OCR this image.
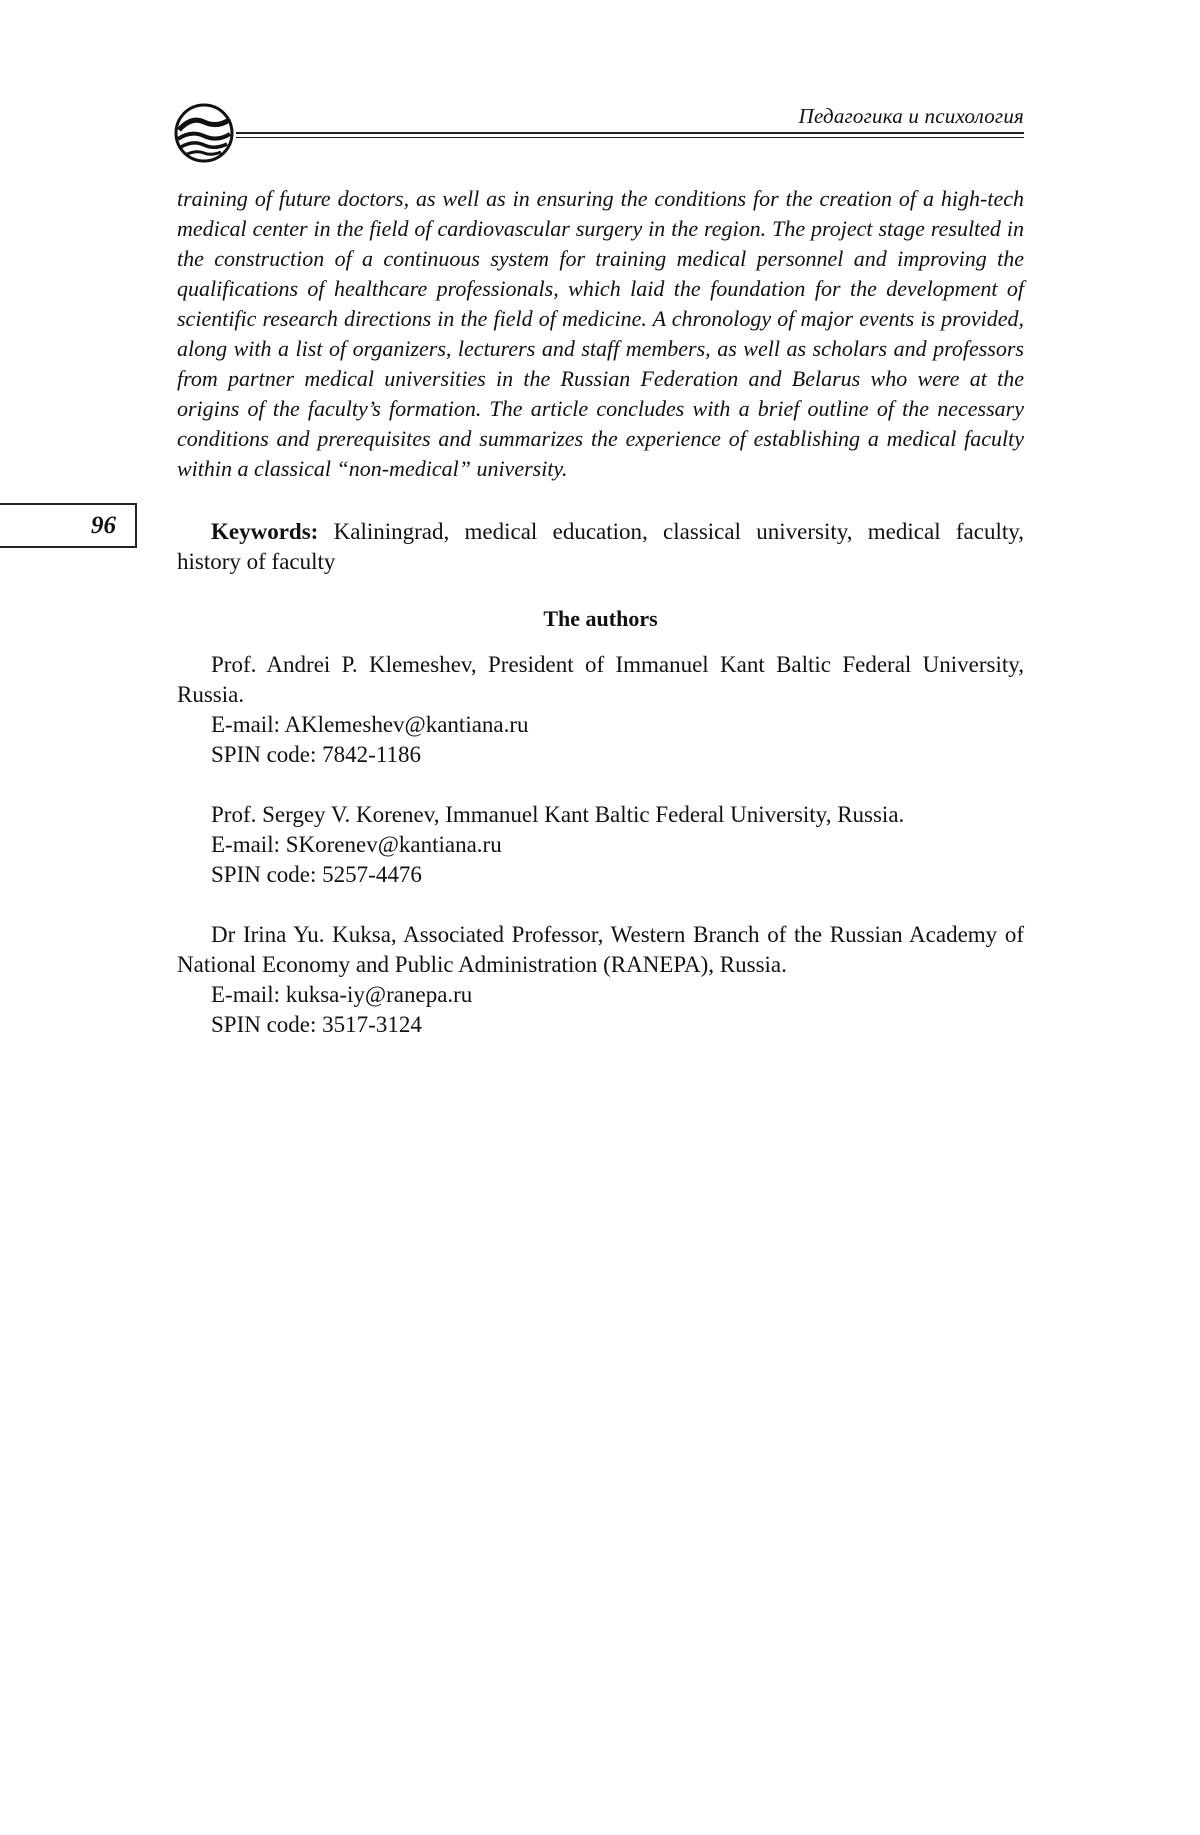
Педагогика и психология
96

training of future doctors, as well as in ensuring the conditions for the creation of a high-tech medical center in the field of cardiovascular surgery in the region. The project stage resulted in the construction of a continuous system for training medical personnel and improving the qualifications of healthcare professionals, which laid the foundation for the development of scientific research directions in the field of medicine. A chronology of major events is provided, along with a list of organizers, lecturers and staff members, as well as scholars and professors from partner medical universities in the Russian Federation and Belarus who were at the origins of the faculty’s formation. The article concludes with a brief outline of the necessary conditions and prerequisites and summarizes the experience of establishing a medical faculty within a classical “non-medical” university.

Keywords: Kaliningrad, medical education, classical university, medical faculty, history of faculty

The authors

Prof. Andrei P. Klemeshev, President of Immanuel Kant Baltic Federal University, Russia.

E-mail: AKlemeshev@kantiana.ru
SPIN code: 7842-1186

Prof. Sergey V. Korenev, Immanuel Kant Baltic Federal University, Russia.

E-mail: SKorenev@kantiana.ru
SPIN code: 5257-4476

Dr Irina Yu. Kuksa, Associated Professor, Western Branch of the Russian Academy of National Economy and Public Administration (RANEPA), Russia.

E-mail: kuksa-iy@ranepa.ru
SPIN code: 3517-3124
